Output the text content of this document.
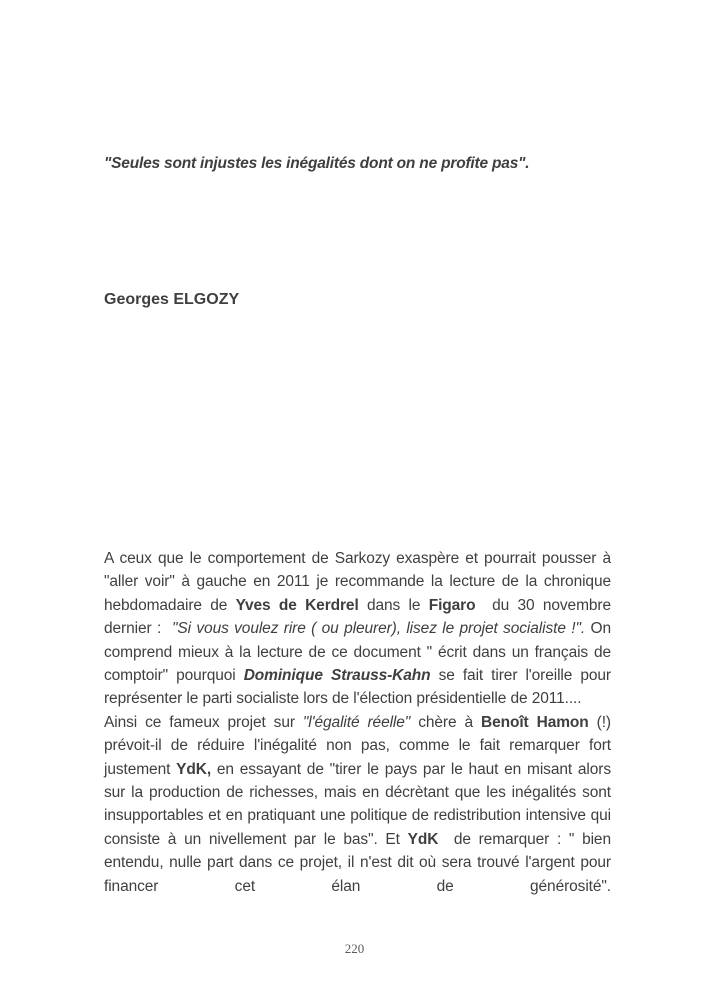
"Seules sont injustes les inégalités dont on ne profite pas".
Georges ELGOZY

A ceux que le comportement de Sarkozy exaspère et pourrait pousser à "aller voir" à gauche en 2011 je recommande la lecture de la chronique hebdomadaire de Yves de Kerdrel dans le Figaro  du 30 novembre dernier :  "Si vous voulez rire ( ou pleurer), lisez le projet socialiste !". On comprend mieux à la lecture de ce document " écrit dans un français de comptoir" pourquoi Dominique Strauss-Kahn se fait tirer l'oreille pour représenter le parti socialiste lors de l'élection présidentielle de 2011....

Ainsi ce fameux projet sur "l'égalité réelle" chère à Benoît Hamon (!) prévoit-il de réduire l'inégalité non pas, comme le fait remarquer fort justement YdK, en essayant de "tirer le pays par le haut en misant alors sur la production de richesses, mais en décrètant que les inégalités sont insupportables et en pratiquant une politique de redistribution intensive qui consiste à un nivellement par le bas". Et YdK  de remarquer : " bien entendu, nulle part dans ce projet, il n'est dit où sera trouvé l'argent pour financer cet élan de générosité".

220
